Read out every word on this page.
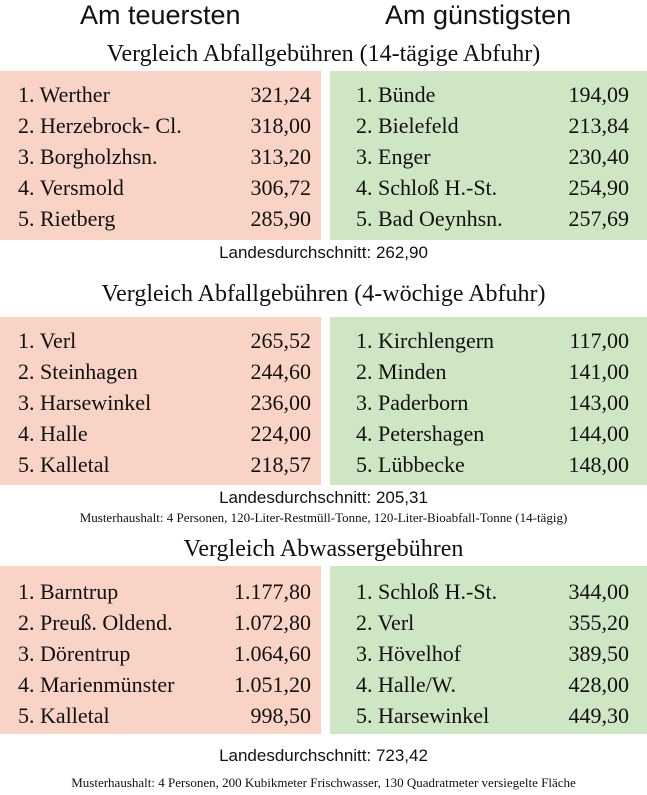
Am teuersten	Am günstigsten
Vergleich Abfallgebühren (14-tägige Abfuhr)
1. Werther	321,24
2. Herzebrock- Cl.	318,00
3. Borgholzhsn.	313,20
4. Versmold	306,72
5. Rietberg	285,90
1. Bünde	194,09
2. Bielefeld	213,84
3. Enger	230,40
4. Schloß H.-St.	254,90
5. Bad Oeynhsn.	257,69
Landesdurchschnitt: 262,90
Vergleich Abfallgebühren (4-wöchige Abfuhr)
1. Verl	265,52
2. Steinhagen	244,60
3. Harsewinkel	236,00
4. Halle	224,00
5. Kalletal	218,57
1. Kirchlengern	117,00
2. Minden	141,00
3. Paderborn	143,00
4. Petershagen	144,00
5. Lübbecke	148,00
Landesdurchschnitt: 205,31
Musterhaushalt: 4 Personen, 120-Liter-Restmüll-Tonne, 120-Liter-Bioabfall-Tonne (14-tägig)
Vergleich Abwassergebühren
1. Barntrup	1.177,80
2. Preuß. Oldend.	1.072,80
3. Dörentrup	1.064,60
4. Marienmünster	1.051,20
5. Kalletal	998,50
1. Schloß H.-St.	344,00
2. Verl	355,20
3. Hövelhof	389,50
4. Halle/W.	428,00
5. Harsewinkel	449,30
Landesdurchschnitt: 723,42
Musterhaushalt: 4 Personen, 200 Kubikmeter Frischwasser, 130 Quadratmeter versiegelte Fläche
